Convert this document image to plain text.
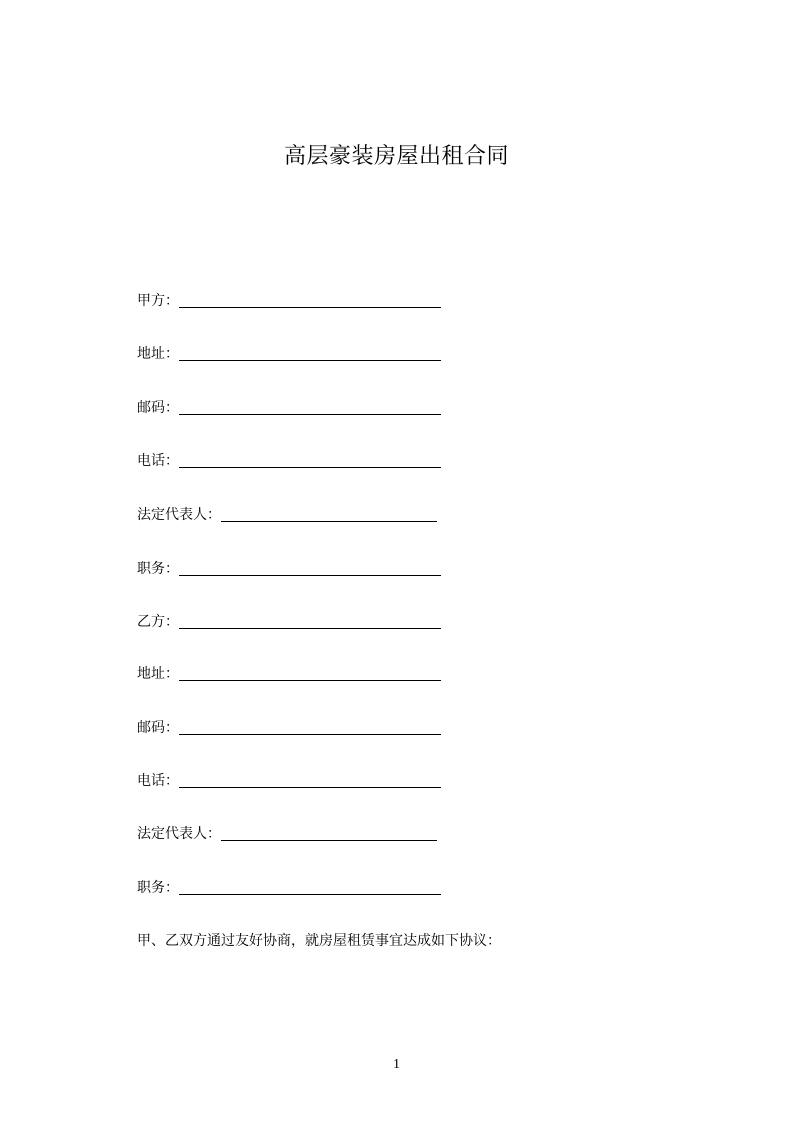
高层豪装房屋出租合同
甲方：
地址：
邮码：
电话：
法定代表人：
职务：
乙方：
地址：
邮码：
电话：
法定代表人：
职务：
甲、乙双方通过友好协商，就房屋租赁事宜达成如下协议：
1
